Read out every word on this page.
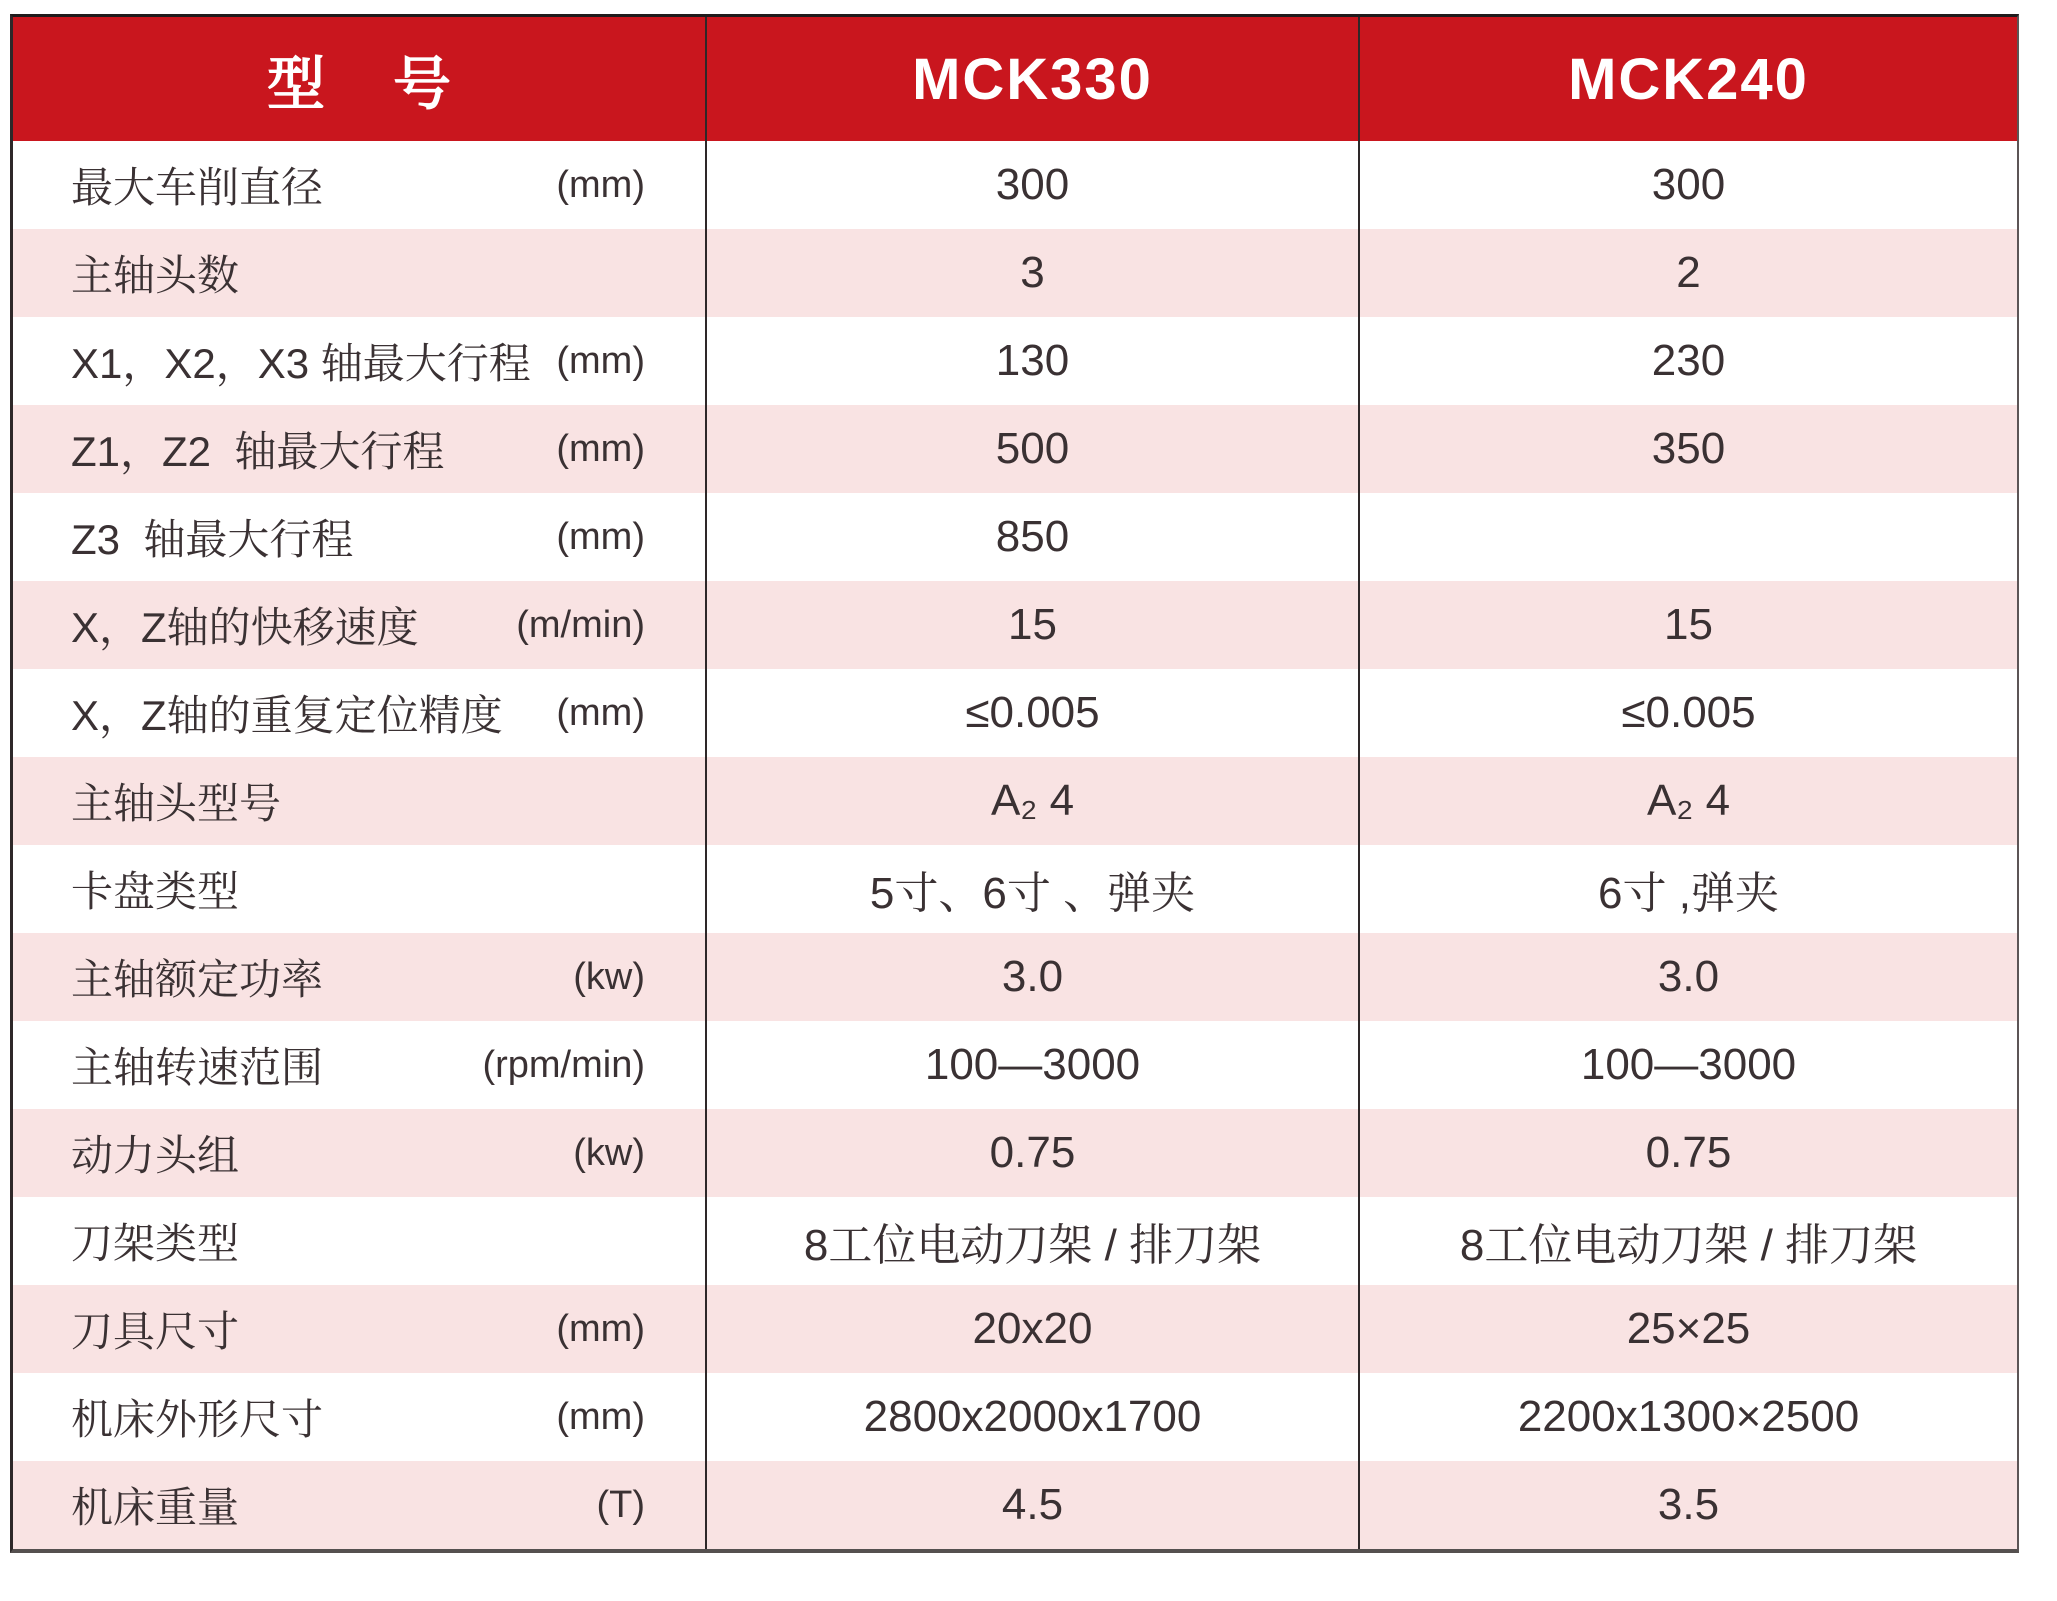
型 号	MCK330	MCK240
最大车削直径	(mm)	300	300
主轴头数	3	2
X1，X2，X3 轴最大行程 (mm)	130	230
Z1，Z2  轴最大行程	(mm)	500	350
Z3  轴最大行程	(mm)	850
X，Z轴的快移速度	(m/min)	15	15
X，Z轴的重复定位精度 (mm)	≤0.005	≤0.005
主轴头型号	A₂ 4	A₂ 4
卡盘类型	5寸、6寸 、弹夹	6寸 ,弹夹
主轴额定功率	(kw)	3.0	3.0
主轴转速范围	(rpm/min)	100—3000	100—3000
动力头组	(kw)	0.75	0.75
刀架类型	8工位电动刀架 / 排刀架	8工位电动刀架 / 排刀架
刀具尺寸	(mm)	20x20	25×25
机床外形尺寸	(mm)	2800x2000x1700	2200x1300×2500
机床重量	(T)	4.5	3.5
